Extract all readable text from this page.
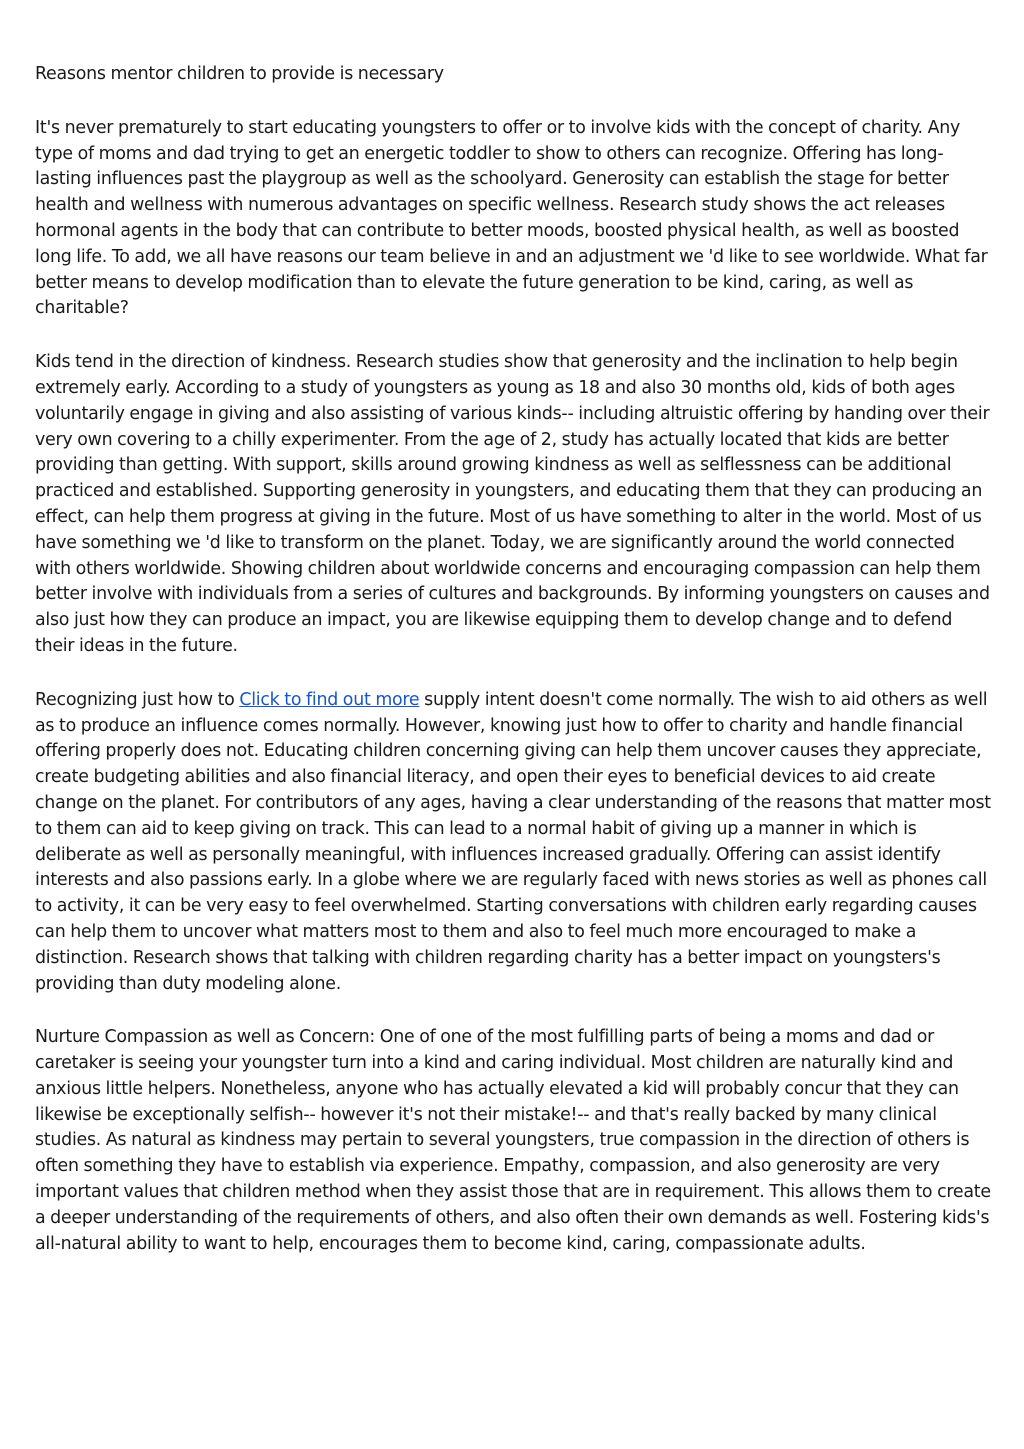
Reasons mentor children to provide is necessary

It's never prematurely to start educating youngsters to offer or to involve kids with the concept of charity. Any type of moms and dad trying to get an energetic toddler to show to others can recognize. Offering has long-lasting influences past the playgroup as well as the schoolyard. Generosity can establish the stage for better health and wellness with numerous advantages on specific wellness. Research study shows the act releases hormonal agents in the body that can contribute to better moods, boosted physical health, as well as boosted long life. To add, we all have reasons our team believe in and an adjustment we 'd like to see worldwide. What far better means to develop modification than to elevate the future generation to be kind, caring, as well as charitable?

Kids tend in the direction of kindness. Research studies show that generosity and the inclination to help begin extremely early. According to a study of youngsters as young as 18 and also 30 months old, kids of both ages voluntarily engage in giving and also assisting of various kinds-- including altruistic offering by handing over their very own covering to a chilly experimenter. From the age of 2, study has actually located that kids are better providing than getting. With support, skills around growing kindness as well as selflessness can be additional practiced and established. Supporting generosity in youngsters, and educating them that they can producing an effect, can help them progress at giving in the future. Most of us have something to alter in the world. Most of us have something we 'd like to transform on the planet. Today, we are significantly around the world connected with others worldwide. Showing children about worldwide concerns and encouraging compassion can help them better involve with individuals from a series of cultures and backgrounds. By informing youngsters on causes and also just how they can produce an impact, you are likewise equipping them to develop change and to defend their ideas in the future.

Recognizing just how to Click to find out more supply intent doesn't come normally. The wish to aid others as well as to produce an influence comes normally. However, knowing just how to offer to charity and handle financial offering properly does not. Educating children concerning giving can help them uncover causes they appreciate, create budgeting abilities and also financial literacy, and open their eyes to beneficial devices to aid create change on the planet. For contributors of any ages, having a clear understanding of the reasons that matter most to them can aid to keep giving on track. This can lead to a normal habit of giving up a manner in which is deliberate as well as personally meaningful, with influences increased gradually. Offering can assist identify interests and also passions early. In a globe where we are regularly faced with news stories as well as phones call to activity, it can be very easy to feel overwhelmed. Starting conversations with children early regarding causes can help them to uncover what matters most to them and also to feel much more encouraged to make a distinction. Research shows that talking with children regarding charity has a better impact on youngsters's providing than duty modeling alone.

Nurture Compassion as well as Concern: One of one of the most fulfilling parts of being a moms and dad or caretaker is seeing your youngster turn into a kind and caring individual. Most children are naturally kind and anxious little helpers. Nonetheless, anyone who has actually elevated a kid will probably concur that they can likewise be exceptionally selfish-- however it's not their mistake!-- and that's really backed by many clinical studies. As natural as kindness may pertain to several youngsters, true compassion in the direction of others is often something they have to establish via experience. Empathy, compassion, and also generosity are very important values that children method when they assist those that are in requirement. This allows them to create a deeper understanding of the requirements of others, and also often their own demands as well. Fostering kids's all-natural ability to want to help, encourages them to become kind, caring, compassionate adults.
